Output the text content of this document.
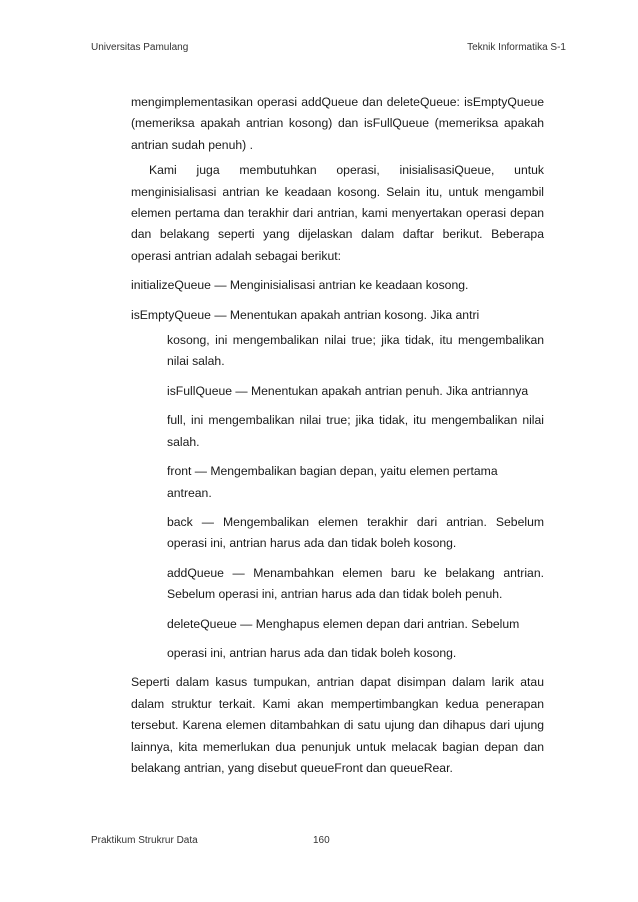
Universitas Pamulang	Teknik Informatika S-1

mengimplementasikan operasi addQueue dan deleteQueue: isEmptyQueue (memeriksa apakah antrian kosong) dan isFullQueue (memeriksa apakah antrian sudah penuh) .

Kami juga membutuhkan operasi, inisialisasiQueue, untuk menginisialisasi antrian ke keadaan kosong. Selain itu, untuk mengambil elemen pertama dan terakhir dari antrian, kami menyertakan operasi depan dan belakang seperti yang dijelaskan dalam daftar berikut. Beberapa operasi antrian adalah sebagai berikut:

initializeQueue — Menginisialisasi antrian ke keadaan kosong.

isEmptyQueue — Menentukan apakah antrian kosong. Jika antri

kosong, ini mengembalikan nilai true; jika tidak, itu mengembalikan nilai salah.

isFullQueue — Menentukan apakah antrian penuh. Jika antriannya

full, ini mengembalikan nilai true; jika tidak, itu mengembalikan nilai salah.

front — Mengembalikan bagian depan, yaitu elemen pertama antrean.

back — Mengembalikan elemen terakhir dari antrian. Sebelum operasi ini, antrian harus ada dan tidak boleh kosong.

addQueue — Menambahkan elemen baru ke belakang antrian. Sebelum operasi ini, antrian harus ada dan tidak boleh penuh.

deleteQueue — Menghapus elemen depan dari antrian. Sebelum

operasi ini, antrian harus ada dan tidak boleh kosong.

Seperti dalam kasus tumpukan, antrian dapat disimpan dalam larik atau dalam struktur terkait. Kami akan mempertimbangkan kedua penerapan tersebut. Karena elemen ditambahkan di satu ujung dan dihapus dari ujung lainnya, kita memerlukan dua penunjuk untuk melacak bagian depan dan belakang antrian, yang disebut queueFront dan queueRear.

Praktikum Strukrur Data	160
